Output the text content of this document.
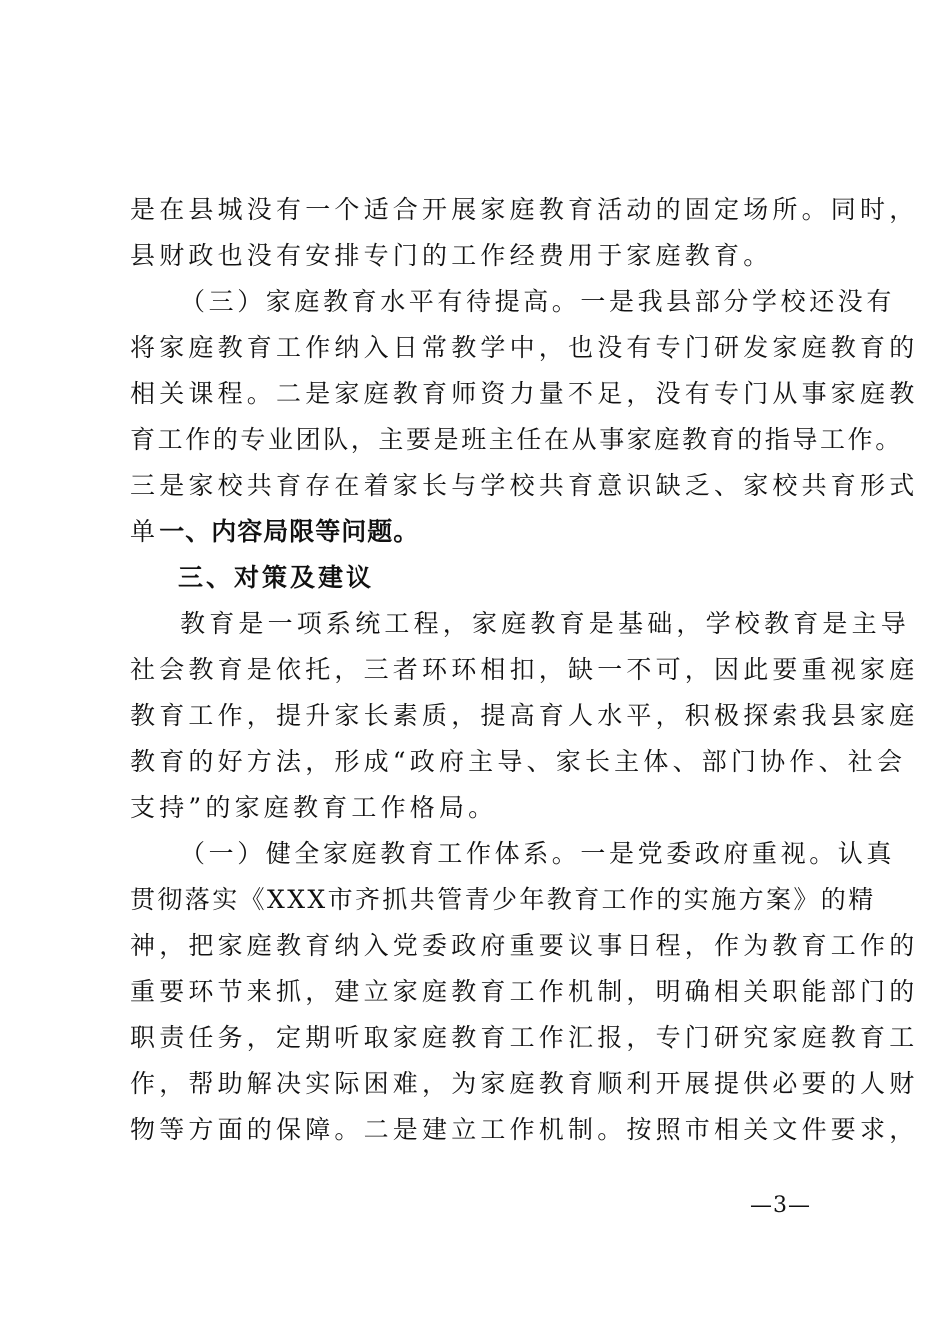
是在县城没有一个适合开展家庭教育活动的固定场所。同时，
县财政也没有安排专门的工作经费用于家庭教育。
（三）家庭教育水平有待提高。一是我县部分学校还没有
将家庭教育工作纳入日常教学中，也没有专门研发家庭教育的
相关课程。二是家庭教育师资力量不足，没有专门从事家庭教
育工作的专业团队，主要是班主任在从事家庭教育的指导工作。
三是家校共育存在着家长与学校共育意识缺乏、家校共育形式
单一、内容局限等问题。
三、对策及建议
教育是一项系统工程，家庭教育是基础，学校教育是主导
社会教育是依托，三者环环相扣，缺一不可，因此要重视家庭
教育工作，提升家长素质，提高育人水平，积极探索我县家庭
教育的好方法，形成“政府主导、家长主体、部门协作、社会
支持”的家庭教育工作格局。
（一）健全家庭教育工作体系。一是党委政府重视。认真
贯彻落实《XXX市齐抓共管青少年教育工作的实施方案》的精
神，把家庭教育纳入党委政府重要议事日程，作为教育工作的
重要环节来抓，建立家庭教育工作机制，明确相关职能部门的
职责任务，定期听取家庭教育工作汇报，专门研究家庭教育工
作，帮助解决实际困难，为家庭教育顺利开展提供必要的人财
物等方面的保障。二是建立工作机制。按照市相关文件要求，
—3—
